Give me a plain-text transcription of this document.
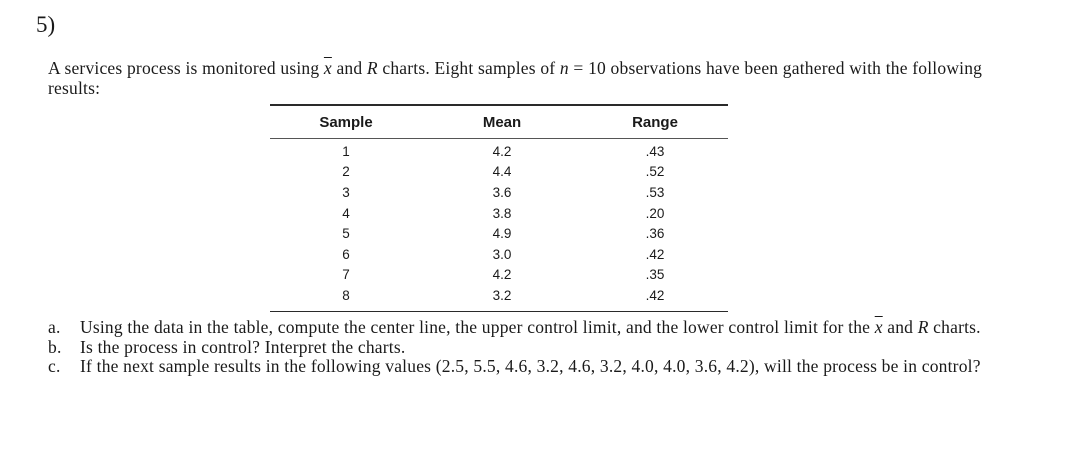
5)
A services process is monitored using $\overline{x}$ and R charts. Eight samples of n = 10 observations have been gathered with the following results:
Sample	Mean	Range
1	4.2	.43
2	4.4	.52
3	3.6	.53
4	3.8	.20
5	4.9	.36
6	3.0	.42
7	4.2	.35
8	3.2	.42
a.	Using the data in the table, compute the center line, the upper control limit, and the lower control limit for the $\overline{x}$ and R charts.
b.	Is the process in control? Interpret the charts.
c.	If the next sample results in the following values (2.5, 5.5, 4.6, 3.2, 4.6, 3.2, 4.0, 4.0, 3.6, 4.2), will the process be in control?
